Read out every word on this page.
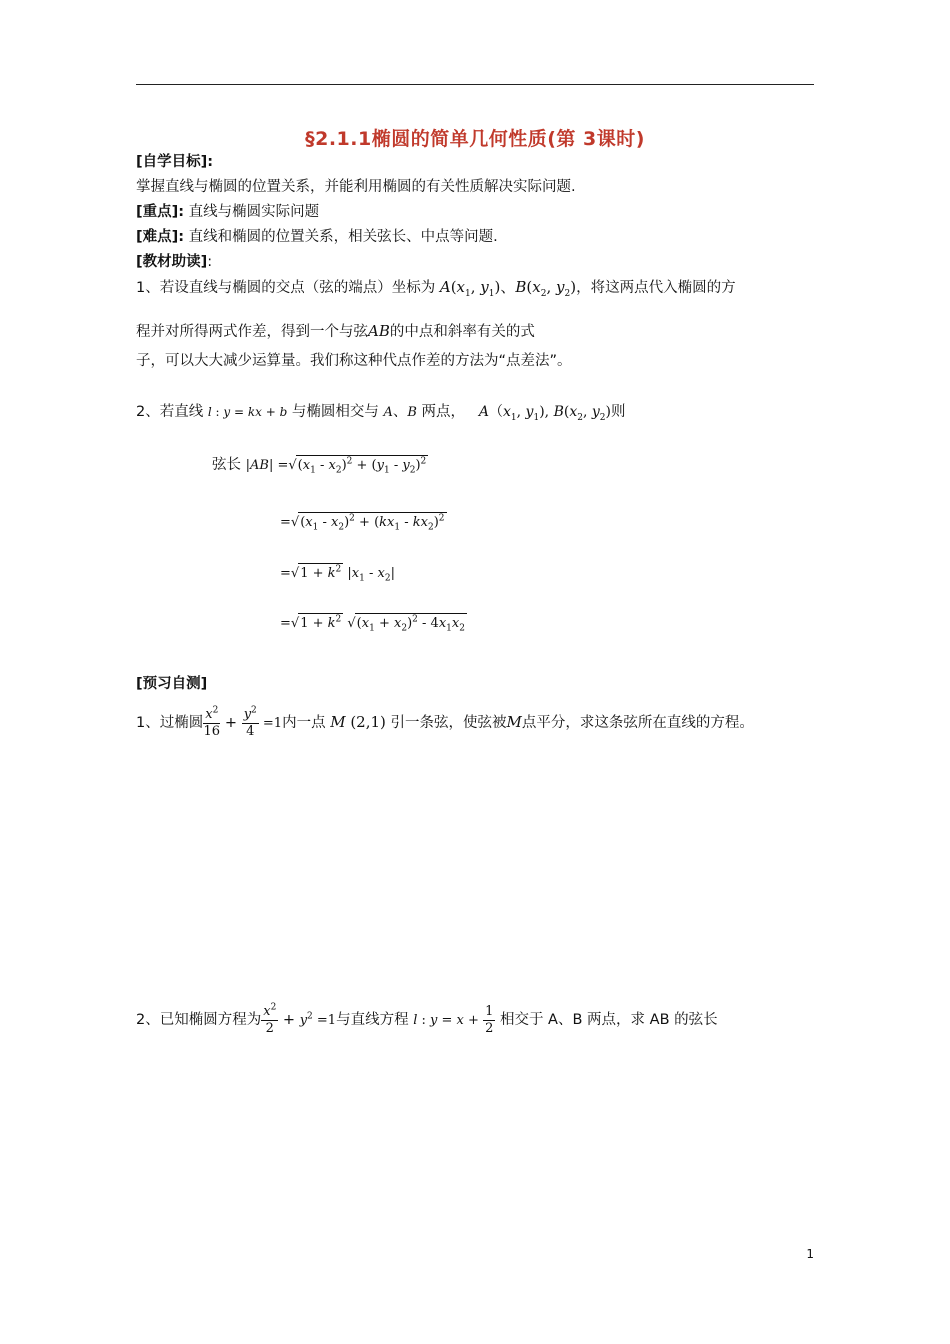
§2.1.1椭圆的简单几何性质(第 3课时)
[自学目标]:
掌握直线与椭圆的位置关系，并能利用椭圆的有关性质解决实际问题.
[重点]: 直线与椭圆实际问题
[难点]: 直线和椭圆的位置关系，相关弦长、中点等问题.
[教材助读]:
1、若设直线与椭圆的交点（弦的端点）坐标为 $A(x_1$, $y_1$)、$B(x_2$, $y_2$)，将这两点代入椭圆的方
程并对所得两式作差，得到一个与弦AB的中点和斜率有关的式
子，可以大大减少运算量。我们称这种代点作差的方法为“点差法”。
2、若直线 l : y = kx + b 与椭圆相交与 A、B 两点， $A(x_1$, $y_1$), $B(x_2$, $y_2$)则
弦长 $|AB| =√(x_1 - x_2)^2 + (y_1 - y_2)^2$
$=√(x_1 - x_2)^2 + (kx_1 - kx_2)^2$
$=√1 + k^2$ $|x_1 - x_2|$
$=√1 + k^2$ $√(x_1 + x_2)^2 - 4x_1x_2$
[预习自测]
1、过椭圆 $\frac{x^2}{16} + \frac{y^2}{4} =1$内一点 M (2,1) 引一条弦，使弦被M点平分，求这条弦所在直线的方程。
2、已知椭圆方程为 $\frac{x^2}{2} + y^2 =1$与直线方程 l : $y = x + \frac{1}{2}$ 相交于 A、B 两点，求 AB 的弦长
1
